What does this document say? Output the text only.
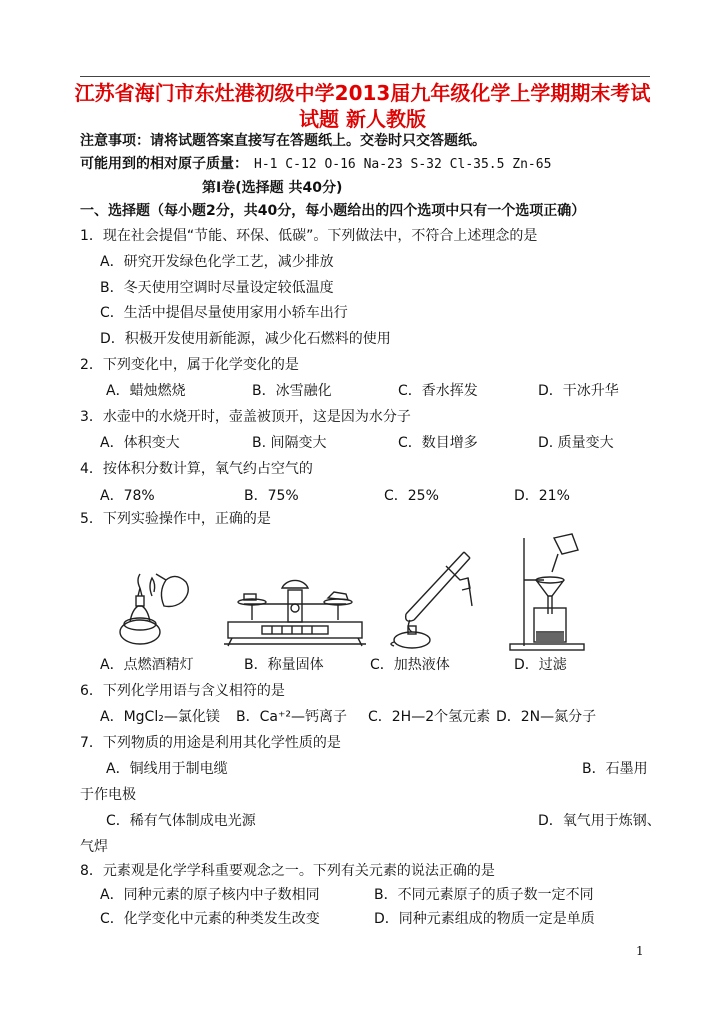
江苏省海门市东灶港初级中学2013届九年级化学上学期期末考试
试题 新人教版
注意事项：请将试题答案直接写在答题纸上。交卷时只交答题纸。
可能用到的相对原子质量： H-1 C-12 O-16 Na-23 S-32 Cl-35.5 Zn-65
第Ⅰ卷(选择题 共40分)
一、选择题（每小题2分，共40分，每小题给出的四个选项中只有一个选项正确）
1．现在社会提倡“节能、环保、低碳”。下列做法中，不符合上述理念的是
A．研究开发绿色化学工艺，减少排放
B．冬天使用空调时尽量设定较低温度
C．生活中提倡尽量使用家用小轿车出行
D．积极开发使用新能源，减少化石燃料的使用
2．下列变化中，属于化学变化的是
A．蜡烛燃烧	B．冰雪融化	C．香水挥发	D．干冰升华
3．水壶中的水烧开时，壶盖被顶开，这是因为水分子
A．体积变大	B. 间隔变大	C．数目增多	D. 质量变大
4．按体积分数计算，氧气约占空气的
A．78%	B．75%	C．25%	D．21%
5．下列实验操作中，正确的是
A．点燃酒精灯	B．称量固体	C．加热液体	D．过滤
6．下列化学用语与含义相符的是
A．MgCl₂—氯化镁 B．Ca⁺²—钙离子 C．2H—2个氢元素 D．2N—氮分子
7．下列物质的用途是利用其化学性质的是
A．铜线用于制电缆	B．石墨用
于作电极
C．稀有气体制成电光源	D．氧气用于炼钢、
气焊
8．元素观是化学学科重要观念之一。下列有关元素的说法正确的是
A．同种元素的原子核内中子数相同	B．不同元素原子的质子数一定不同
C．化学变化中元素的种类发生改变	D．同种元素组成的物质一定是单质
1
